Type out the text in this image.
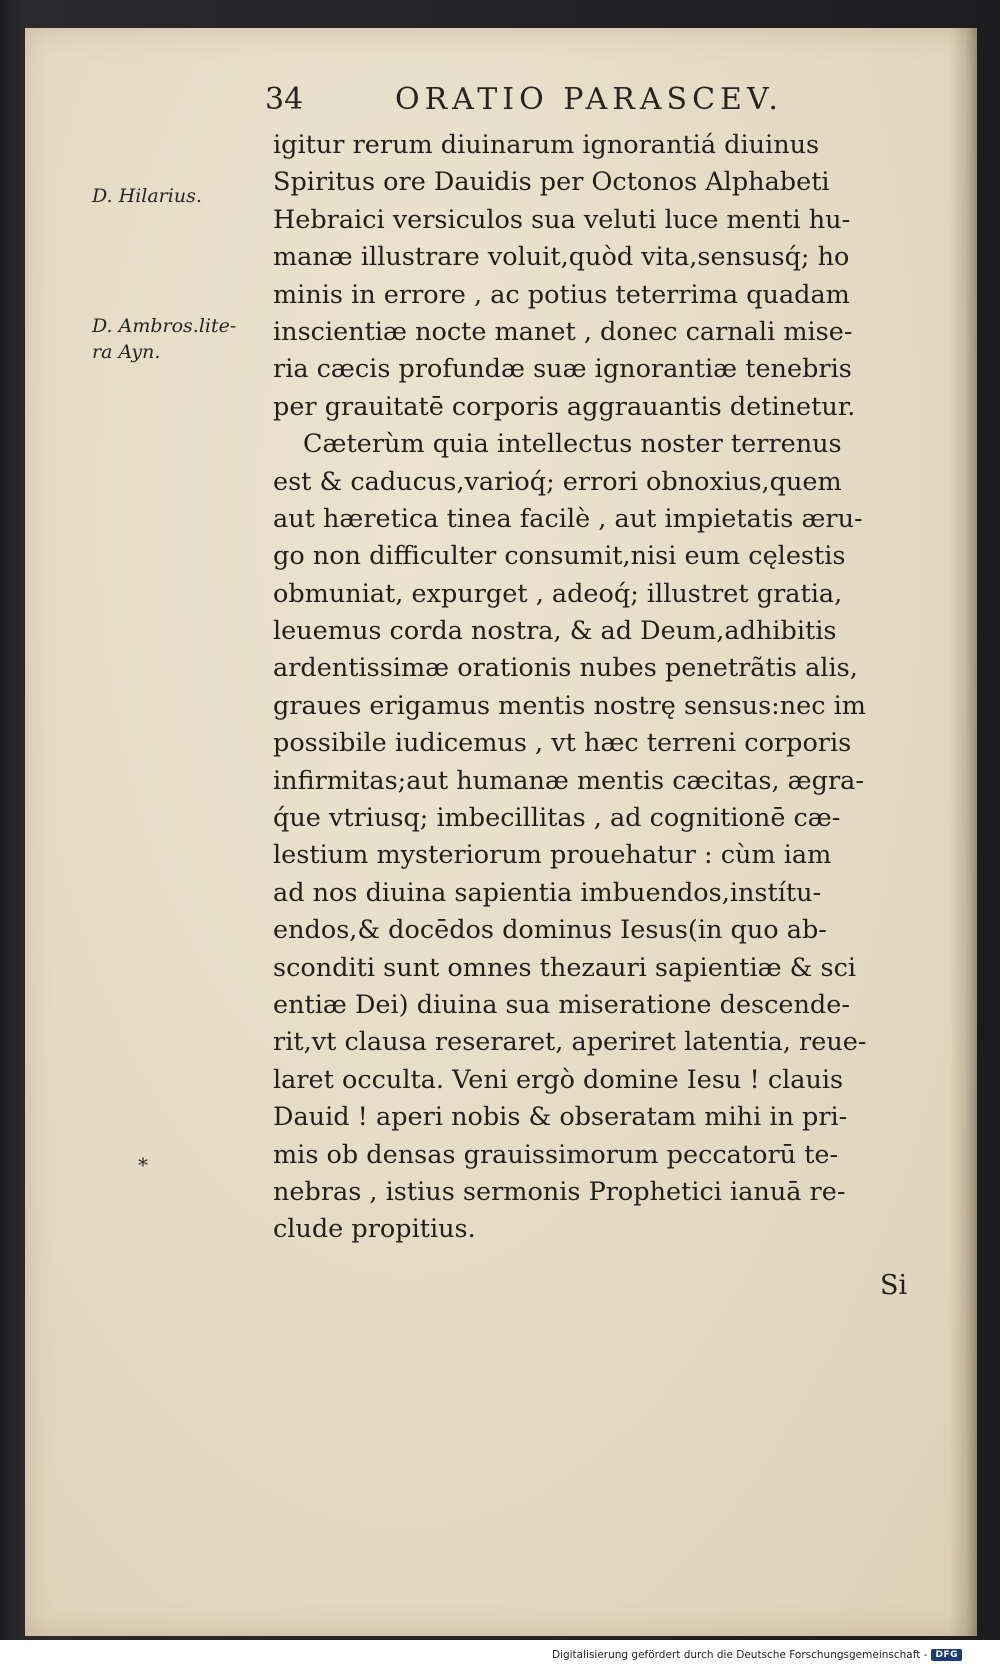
34	ORATIO PARASCEV.
D. Hilarius.
D. Ambros.lite-
ra Ayn.
*
igitur rerum diuinarum ignorantiá diuinus
Spiritus ore Dauidis per Octonos Alphabeti
Hebraici versiculos sua veluti luce menti hu-
manæ illustrare voluit,quòd vita,sensusq́; ho
minis in errore , ac potius teterrima quadam
inscientiæ nocte manet , donec carnali mise-
ria cæcis profundæ suæ ignorantiæ tenebris
per grauitatē corporis aggrauantis detinetur.
Cæterùm quia intellectus noster terrenus
est & caducus,varioq́; errori obnoxius,quem
aut hæretica tinea facilè , aut impietatis æru-
go non difficulter consumit,nisi eum cęlestis
obmuniat, expurget , adeoq́; illustret gratia,
leuemus corda nostra, & ad Deum,adhibitis
ardentissimæ orationis nubes penetrãtis alis,
graues erigamus mentis nostrę sensus:nec im
possibile iudicemus , vt hæc terreni corporis
infirmitas;aut humanæ mentis cæcitas, ægra-
q́ue vtriusq; imbecillitas , ad cognitionē cæ-
lestium mysteriorum prouehatur : cùm iam
ad nos diuina sapientia imbuendos,instítu-
endos,& docēdos dominus Iesus(in quo ab-
sconditi sunt omnes thezauri sapientiæ & sci
entiæ Dei) diuina sua miseratione descende-
rit,vt clausa reseraret, aperiret latentia, reue-
laret occulta. Veni ergò domine Iesu ! clauis
Dauid ! aperi nobis & obseratam mihi in pri-
mis ob densas grauissimorum peccatorū te-
nebras , istius sermonis Prophetici ianuā re-
clude propitius.
Si
Digitalisierung gefördert durch die Deutsche Forschungsgemeinschaft - DFG
